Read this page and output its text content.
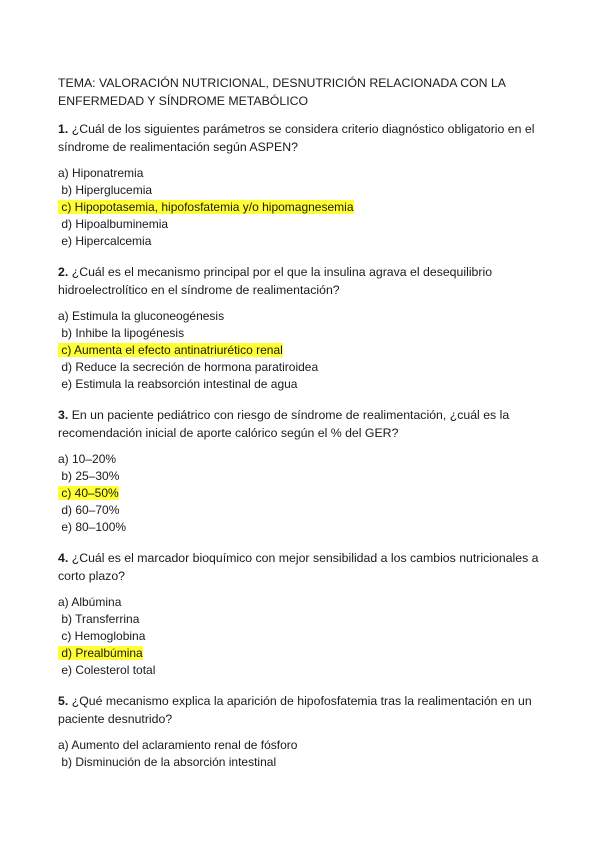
TEMA: VALORACIÓN NUTRICIONAL, DESNUTRICIÓN RELACIONADA CON LA ENFERMEDAD Y SÍNDROME METABÓLICO

1. ¿Cuál de los siguientes parámetros se considera criterio diagnóstico obligatorio en el síndrome de realimentación según ASPEN?

a) Hiponatremia
b) Hiperglucemia
c) Hipopotasemia, hipofosfatemia y/o hipomagnesemia
d) Hipoalbuminemia
e) Hipercalcemia

2. ¿Cuál es el mecanismo principal por el que la insulina agrava el desequilibrio hidroelectrolítico en el síndrome de realimentación?

a) Estimula la gluconeogénesis
b) Inhibe la lipogénesis
c) Aumenta el efecto antinatriurético renal
d) Reduce la secreción de hormona paratiroidea
e) Estimula la reabsorción intestinal de agua

3. En un paciente pediátrico con riesgo de síndrome de realimentación, ¿cuál es la recomendación inicial de aporte calórico según el % del GER?

a) 10–20%
b) 25–30%
c) 40–50%
d) 60–70%
e) 80–100%

4. ¿Cuál es el marcador bioquímico con mejor sensibilidad a los cambios nutricionales a corto plazo?

a) Albúmina
b) Transferrina
c) Hemoglobina
d) Prealbúmina
e) Colesterol total

5. ¿Qué mecanismo explica la aparición de hipofosfatemia tras la realimentación en un paciente desnutrido?

a) Aumento del aclaramiento renal de fósforo
b) Disminución de la absorción intestinal
